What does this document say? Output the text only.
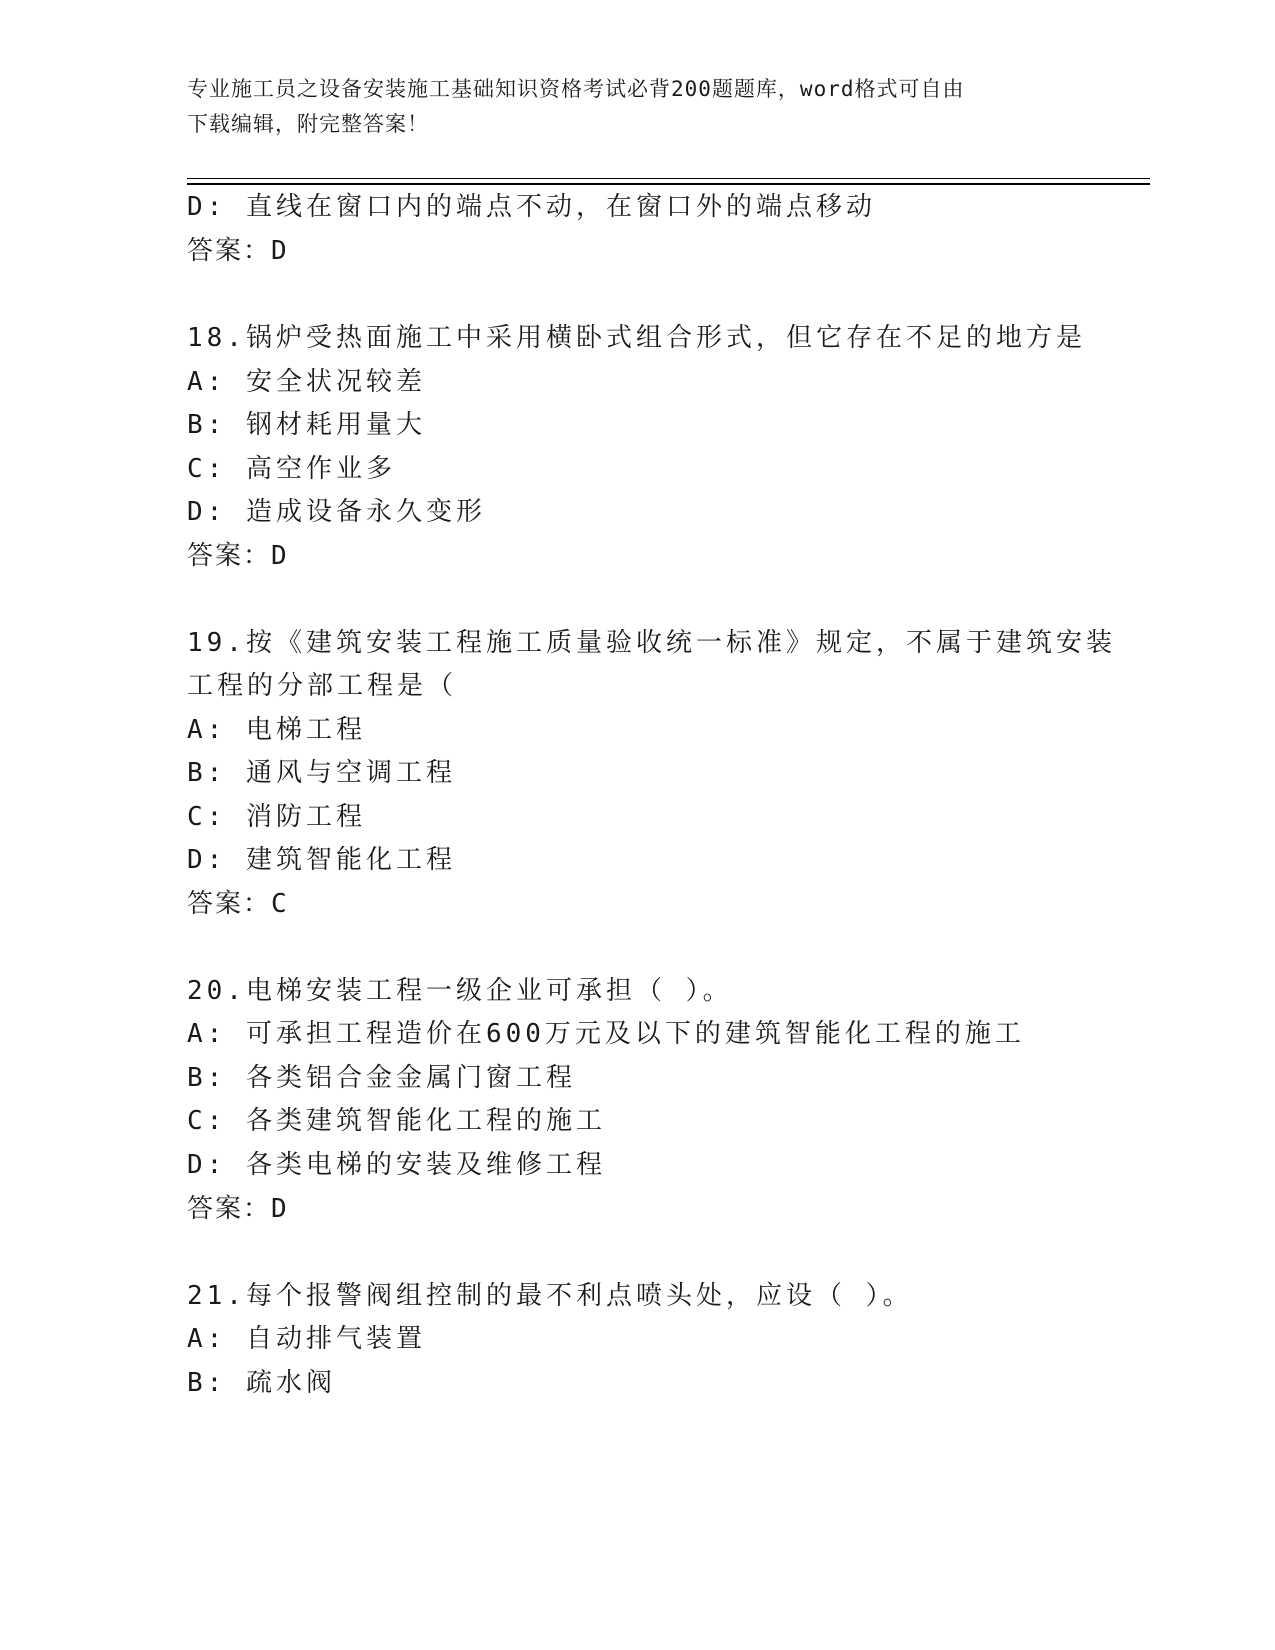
专业施工员之设备安装施工基础知识资格考试必背200题题库，word格式可自由
下载编辑，附完整答案！
D: 直线在窗口内的端点不动，在窗口外的端点移动
答案：D
18.锅炉受热面施工中采用横卧式组合形式，但它存在不足的地方是
A: 安全状况较差
B: 钢材耗用量大
C: 高空作业多
D: 造成设备永久变形
答案：D
19.按《建筑安装工程施工质量验收统一标准》规定，不属于建筑安装
工程的分部工程是（
A: 电梯工程
B: 通风与空调工程
C: 消防工程
D: 建筑智能化工程
答案：C
20.电梯安装工程一级企业可承担（ ）。
A: 可承担工程造价在600万元及以下的建筑智能化工程的施工
B: 各类铝合金金属门窗工程
C: 各类建筑智能化工程的施工
D: 各类电梯的安装及维修工程
答案：D
21.每个报警阀组控制的最不利点喷头处，应设（ ）。
A: 自动排气装置
B: 疏水阀
